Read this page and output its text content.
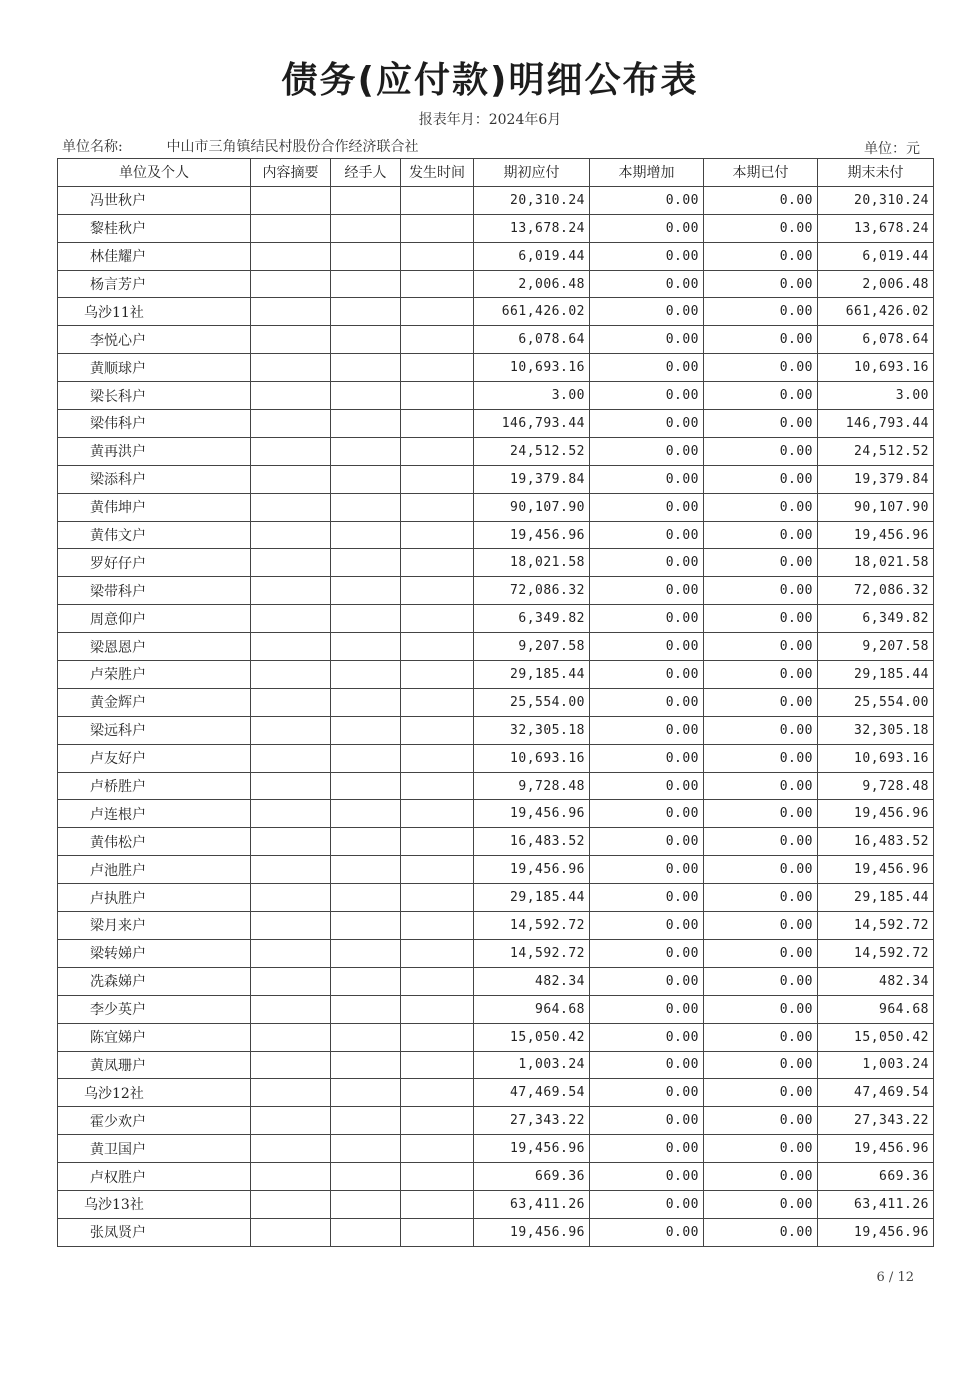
债务(应付款)明细公布表
报表年月：2024年6月
单位名称:	中山市三角镇结民村股份合作经济联合社	单位：元
单位及个人	内容摘要	经手人	发生时间	期初应付	本期增加	本期已付	期末未付
冯世秋户				20,310.24	0.00	0.00	20,310.24
黎桂秋户				13,678.24	0.00	0.00	13,678.24
林佳耀户				6,019.44	0.00	0.00	6,019.44
杨言芳户				2,006.48	0.00	0.00	2,006.48
乌沙11社				661,426.02	0.00	0.00	661,426.02
李悦心户				6,078.64	0.00	0.00	6,078.64
黄顺球户				10,693.16	0.00	0.00	10,693.16
梁长科户				3.00	0.00	0.00	3.00
梁伟科户				146,793.44	0.00	0.00	146,793.44
黄再洪户				24,512.52	0.00	0.00	24,512.52
梁添科户				19,379.84	0.00	0.00	19,379.84
黄伟坤户				90,107.90	0.00	0.00	90,107.90
黄伟文户				19,456.96	0.00	0.00	19,456.96
罗好仔户				18,021.58	0.00	0.00	18,021.58
梁带科户				72,086.32	0.00	0.00	72,086.32
周意仰户				6,349.82	0.00	0.00	6,349.82
梁恩恩户				9,207.58	0.00	0.00	9,207.58
卢荣胜户				29,185.44	0.00	0.00	29,185.44
黄金辉户				25,554.00	0.00	0.00	25,554.00
梁远科户				32,305.18	0.00	0.00	32,305.18
卢友好户				10,693.16	0.00	0.00	10,693.16
卢桥胜户				9,728.48	0.00	0.00	9,728.48
卢连根户				19,456.96	0.00	0.00	19,456.96
黄伟松户				16,483.52	0.00	0.00	16,483.52
卢池胜户				19,456.96	0.00	0.00	19,456.96
卢执胜户				29,185.44	0.00	0.00	29,185.44
梁月来户				14,592.72	0.00	0.00	14,592.72
梁转娣户				14,592.72	0.00	0.00	14,592.72
冼森娣户				482.34	0.00	0.00	482.34
李少英户				964.68	0.00	0.00	964.68
陈宜娣户				15,050.42	0.00	0.00	15,050.42
黄凤珊户				1,003.24	0.00	0.00	1,003.24
乌沙12社				47,469.54	0.00	0.00	47,469.54
霍少欢户				27,343.22	0.00	0.00	27,343.22
黄卫国户				19,456.96	0.00	0.00	19,456.96
卢权胜户				669.36	0.00	0.00	669.36
乌沙13社				63,411.26	0.00	0.00	63,411.26
张凤贤户				19,456.96	0.00	0.00	19,456.96
6 / 12
